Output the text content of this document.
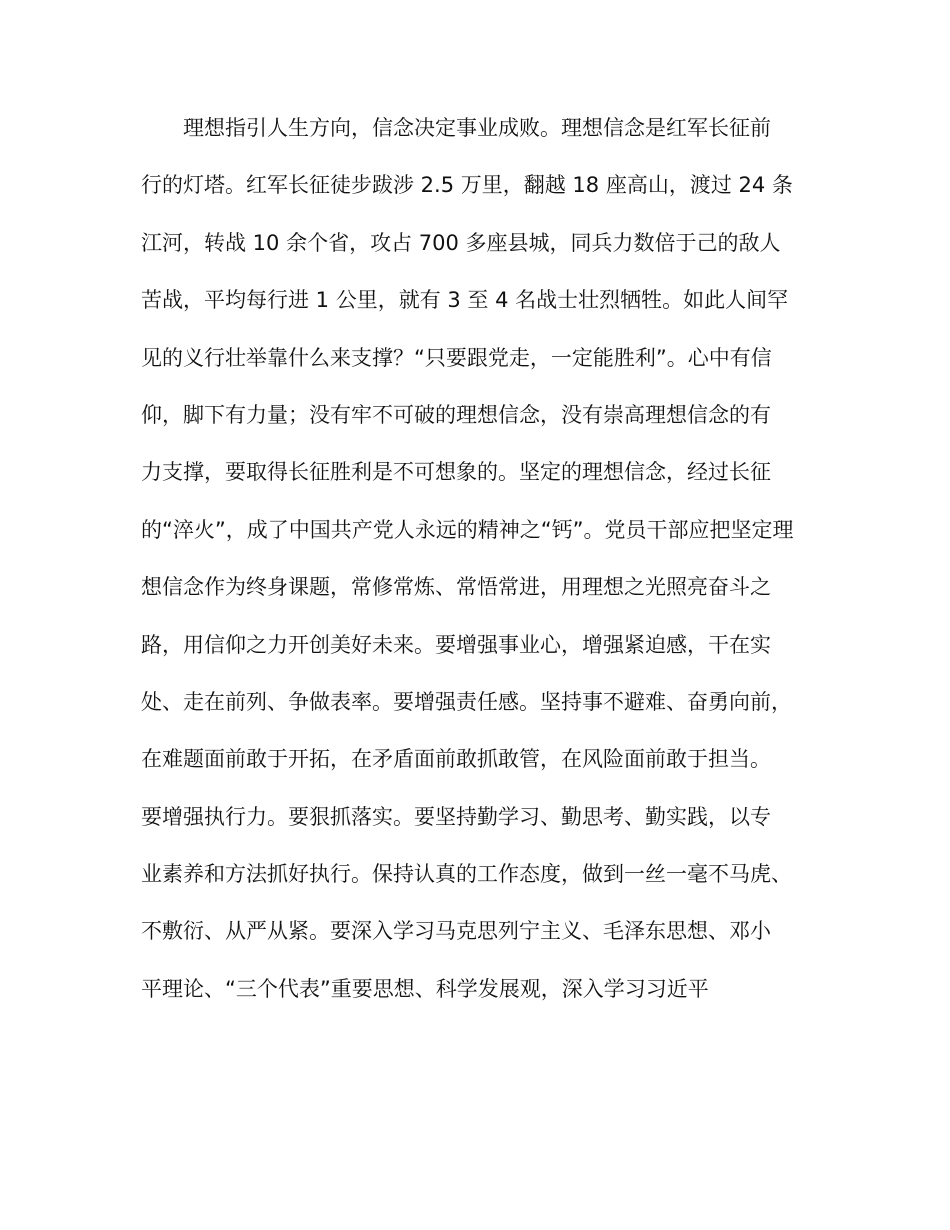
理想指引人生方向，信念决定事业成败。理想信念是红军长征前
行的灯塔。红军长征徒步跋涉 2.5 万里，翻越 18 座高山，渡过 24 条
江河，转战 10 余个省，攻占 700 多座县城，同兵力数倍于己的敌人
苦战，平均每行进 1 公里，就有 3 至 4 名战士壮烈牺牲。如此人间罕
见的义行壮举靠什么来支撑？“只要跟党走，一定能胜利”。心中有信
仰，脚下有力量；没有牢不可破的理想信念，没有崇高理想信念的有
力支撑，要取得长征胜利是不可想象的。坚定的理想信念，经过长征
的“淬火”，成了中国共产党人永远的精神之“钙”。党员干部应把坚定理
想信念作为终身课题，常修常炼、常悟常进，用理想之光照亮奋斗之
路，用信仰之力开创美好未来。要增强事业心，增强紧迫感，干在实
处、走在前列、争做表率。要增强责任感。坚持事不避难、奋勇向前，
在难题面前敢于开拓，在矛盾面前敢抓敢管，在风险面前敢于担当。
要增强执行力。要狠抓落实。要坚持勤学习、勤思考、勤实践，以专
业素养和方法抓好执行。保持认真的工作态度，做到一丝一毫不马虎、
不敷衍、从严从紧。要深入学习马克思列宁主义、毛泽东思想、邓小
平理论、“三个代表”重要思想、科学发展观，深入学习习近平
